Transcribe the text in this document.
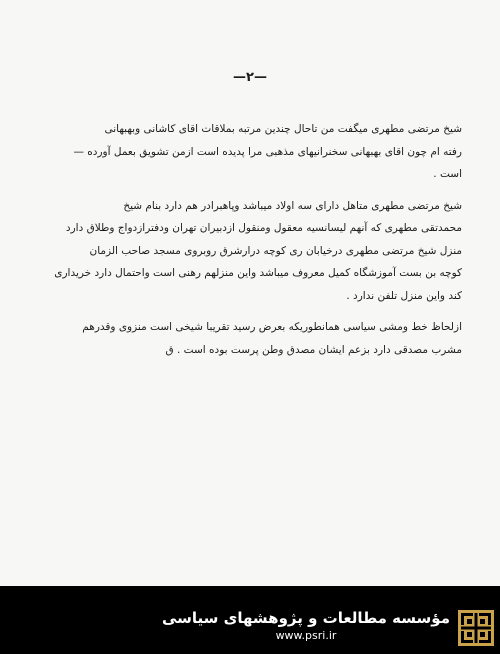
—۲—

شیخ مرتضی مطهری میگفت من تاحال چندین مرتبه بملاقات اقای کاشانی وبهبهانی
رفته ام چون اقای بهبهانی سخنرانیهای مذهبی مرا پدیده است ازمن تشویق بعمل آورده —
است .

شیخ مرتضی مطهری متاهل دارای سه اولاد میباشد وپاهبرادر هم دارد بنام شیخ
محمدتقی مطهری که آنهم لیسانسیه معقول ومنقول ازدبیران تهران ودفترازدواج وطلاق دارد
منزل شیخ مرتضی مطهری درخیابان ری کوچه درارشرق روبروی مسجد صاحب الزمان
کوچه بن بست آموزشگاه کمیل معروف میباشد واین منزلهم رهنی است واحتمال دارد خریداری
کند واین منزل تلفن ندارد .

ازلحاظ خط ومشی سیاسی همانطوریکه بعرض رسید تقریبا شیخی است منزوی وقدرهم
مشرب مصدقی دارد بزعم ایشان مصدق وطن پرست بوده است . ق

مؤسسه مطالعات و پژوهشهای سیاسی
www.psri.ir
